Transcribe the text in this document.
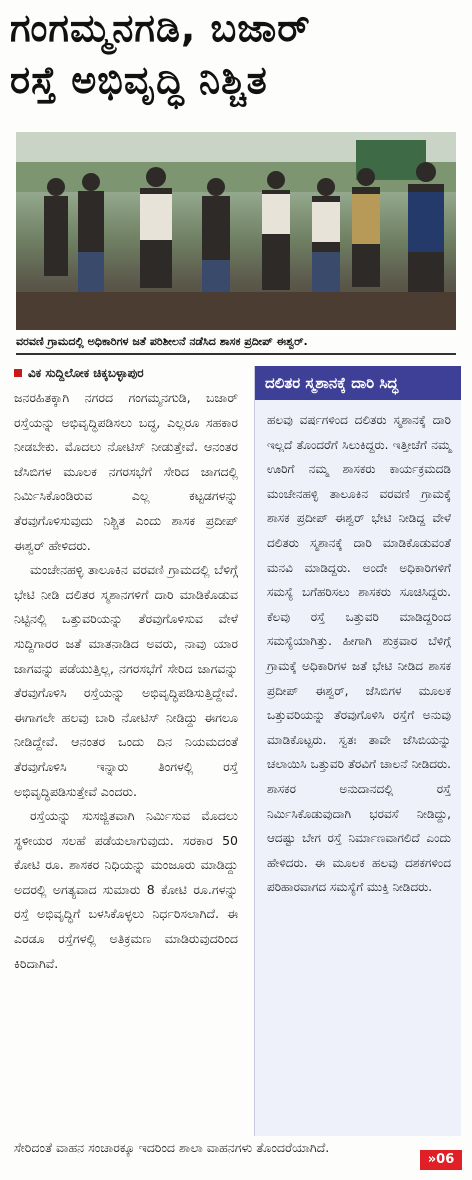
ಗಂಗಮ್ಮನಗಡಿ, ಬಜಾರ್
ರಸ್ತೆ ಅಭಿವೃದ್ಧಿ ನಿಶ್ಚಿತ
ವರವಣಿ ಗ್ರಾಮದಲ್ಲಿ ಅಧಿಕಾರಿಗಳ ಜತೆ ಪರಿಶೀಲನೆ ನಡೆಸಿದ ಶಾಸಕ ಪ್ರದೀಪ್ ಈಶ್ವರ್.
ವಿಕ ಸುದ್ದಿಲೋಕ ಚಿಕ್ಕಬಳ್ಳಾಪುರ

ಜನರಹಿತಕ್ಕಾಗಿ ನಗರದ ಗಂಗಮ್ಮನಗುಡಿ, ಬಜಾರ್ ರಸ್ತೆಯನ್ನು ಅಭಿವೃದ್ಧಿಪಡಿಸಲು ಬದ್ಧ, ಎಲ್ಲರೂ ಸಹಕಾರ ನೀಡಬೇಕು. ಮೊದಲು ನೋಟಿಸ್ ನೀಡುತ್ತೇವೆ. ಆನಂತರ ಜೆಸಿಬಿಗಳ ಮೂಲಕ ನಗರಸಭೆಗೆ ಸೇರಿದ ಜಾಗದಲ್ಲಿ ನಿರ್ಮಿಸಿಕೊಂಡಿರುವ ಎಲ್ಲ ಕಟ್ಟಡಗಳನ್ನು ತೆರವುಗೊಳಿಸುವುದು ನಿಶ್ಚಿತ ಎಂದು ಶಾಸಕ ಪ್ರದೀಪ್ ಈಶ್ವರ್ ಹೇಳಿದರು.

ಮಂಚೇನಹಳ್ಳಿ ತಾಲೂಕಿನ ವರವಣಿ ಗ್ರಾಮದಲ್ಲಿ ಬೆಳಿಗ್ಗೆ ಭೇಟಿ ನೀಡಿ ದಲಿತರ ಸ್ಮಶಾನಗಳಿಗೆ ದಾರಿ ಮಾಡಿಕೊಡುವ ನಿಟ್ಟಿನಲ್ಲಿ ಒತ್ತುವರಿಯನ್ನು ತೆರವುಗೊಳಿಸುವ ವೇಳೆ ಸುದ್ದಿಗಾರರ ಜತೆ ಮಾತನಾಡಿದ ಅವರು, ನಾವು ಯಾರ ಜಾಗವನ್ನು ಪಡೆಯುತ್ತಿಲ್ಲ, ನಗರಸಭೆಗೆ ಸೇರಿದ ಜಾಗವನ್ನು ತೆರವುಗೊಳಿಸಿ ರಸ್ತೆಯನ್ನು ಅಭಿವೃದ್ಧಿಪಡಿಸುತ್ತಿದ್ದೇವೆ. ಈಗಾಗಲೇ ಹಲವು ಬಾರಿ ನೋಟಿಸ್ ನೀಡಿದ್ದು ಈಗಲೂ ನೀಡಿದ್ದೇವೆ. ಆನಂತರ ಒಂದು ದಿನ ನಿಯಮದಂತೆ ತೆರವುಗೊಳಿಸಿ ಇನ್ನಾರು ತಿಂಗಳಲ್ಲಿ ರಸ್ತೆ ಅಭಿವೃದ್ಧಿಪಡಿಸುತ್ತೇವೆ ಎಂದರು.

ರಸ್ತೆಯನ್ನು ಸುಸಜ್ಜಿತವಾಗಿ ನಿರ್ಮಿಸುವ ಮೊದಲು ಸ್ಥಳೀಯರ ಸಲಹೆ ಪಡೆಯಲಾಗುವುದು. ಸರಕಾರ 50 ಕೋಟಿ ರೂ. ಶಾಸಕರ ನಿಧಿಯನ್ನು ಮಂಜೂರು ಮಾಡಿದ್ದು ಅದರಲ್ಲಿ ಅಗತ್ಯವಾದ ಸುಮಾರು 8 ಕೋಟಿ ರೂ.ಗಳನ್ನು ರಸ್ತೆ ಅಭಿವೃದ್ಧಿಗೆ ಬಳಸಿಕೊಳ್ಳಲು ನಿರ್ಧರಿಸಲಾಗಿದೆ. ಈ ಎರಡೂ ರಸ್ತೆಗಳಲ್ಲಿ ಅತಿಕ್ರಮಣ ಮಾಡಿರುವುದರಿಂದ ಕಿರಿದಾಗಿವೆ.

ದಲಿತರ ಸ್ಮಶಾನಕ್ಕೆ ದಾರಿ ಸಿದ್ಧ
ಹಲವು ವರ್ಷಗಳಿಂದ ದಲಿತರು ಸ್ಮಶಾನಕ್ಕೆ ದಾರಿ ಇಲ್ಲದೆ ತೊಂದರೆಗೆ ಸಿಲುಕಿದ್ದರು. ಇತ್ತೀಚೆಗೆ ನಮ್ಮ ಊರಿಗೆ ನಮ್ಮ ಶಾಸಕರು ಕಾರ್ಯಕ್ರಮದಡಿ ಮಂಚೇನಹಳ್ಳಿ ತಾಲೂಕಿನ ವರವಣಿ ಗ್ರಾಮಕ್ಕೆ ಶಾಸಕ ಪ್ರದೀಪ್ ಈಶ್ವರ್ ಭೇಟಿ ನೀಡಿದ್ದ ವೇಳೆ ದಲಿತರು ಸ್ಮಶಾನಕ್ಕೆ ದಾರಿ ಮಾಡಿಕೊಡುವಂತೆ ಮನವಿ ಮಾಡಿದ್ದರು. ಅಂದೇ ಅಧಿಕಾರಿಗಳಿಗೆ ಸಮಸ್ಯೆ ಬಗೆಹರಿಸಲು ಶಾಸಕರು ಸೂಚಿಸಿದ್ದರು. ಕೆಲವು ರಸ್ತೆ ಒತ್ತುವರಿ ಮಾಡಿದ್ದರಿಂದ ಸಮಸ್ಯೆಯಾಗಿತ್ತು. ಹೀಗಾಗಿ ಶುಕ್ರವಾರ ಬೆಳಿಗ್ಗೆ ಗ್ರಾಮಕ್ಕೆ ಅಧಿಕಾರಿಗಳ ಜತೆ ಭೇಟಿ ನೀಡಿದ ಶಾಸಕ ಪ್ರದೀಪ್ ಈಶ್ವರ್, ಜೆಸಿಬಿಗಳ ಮೂಲಕ ಒತ್ತುವರಿಯನ್ನು ತೆರವುಗೊಳಿಸಿ ರಸ್ತೆಗೆ ಅನುವು ಮಾಡಿಕೊಟ್ಟರು. ಸ್ವತಃ ತಾವೇ ಜೆಸಿಬಿಯನ್ನು ಚಲಾಯಿಸಿ ಒತ್ತುವರಿ ತೆರವಿಗೆ ಚಾಲನೆ ನೀಡಿದರು. ಶಾಸಕರ ಅನುದಾನದಲ್ಲಿ ರಸ್ತೆ ನಿರ್ಮಿಸಿಕೊಡುವುದಾಗಿ ಭರವಸೆ ನೀಡಿದ್ದು, ಆದಷ್ಟು ಬೇಗ ರಸ್ತೆ ನಿರ್ಮಾಣವಾಗಲಿದೆ ಎಂದು ಹೇಳಿದರು. ಈ ಮೂಲಕ ಹಲವು ದಶಕಗಳಿಂದ ಪರಿಹಾರವಾಗದ ಸಮಸ್ಯೆಗೆ ಮುಕ್ತಿ ನೀಡಿದರು.

ಸೇರಿದಂತೆ ವಾಹನ ಸಂಚಾರಕ್ಕೂ ಇದರಿಂದ ಶಾಲಾ ವಾಹನಗಳು ತೊಂದರೆಯಾಗಿದೆ.

»06
